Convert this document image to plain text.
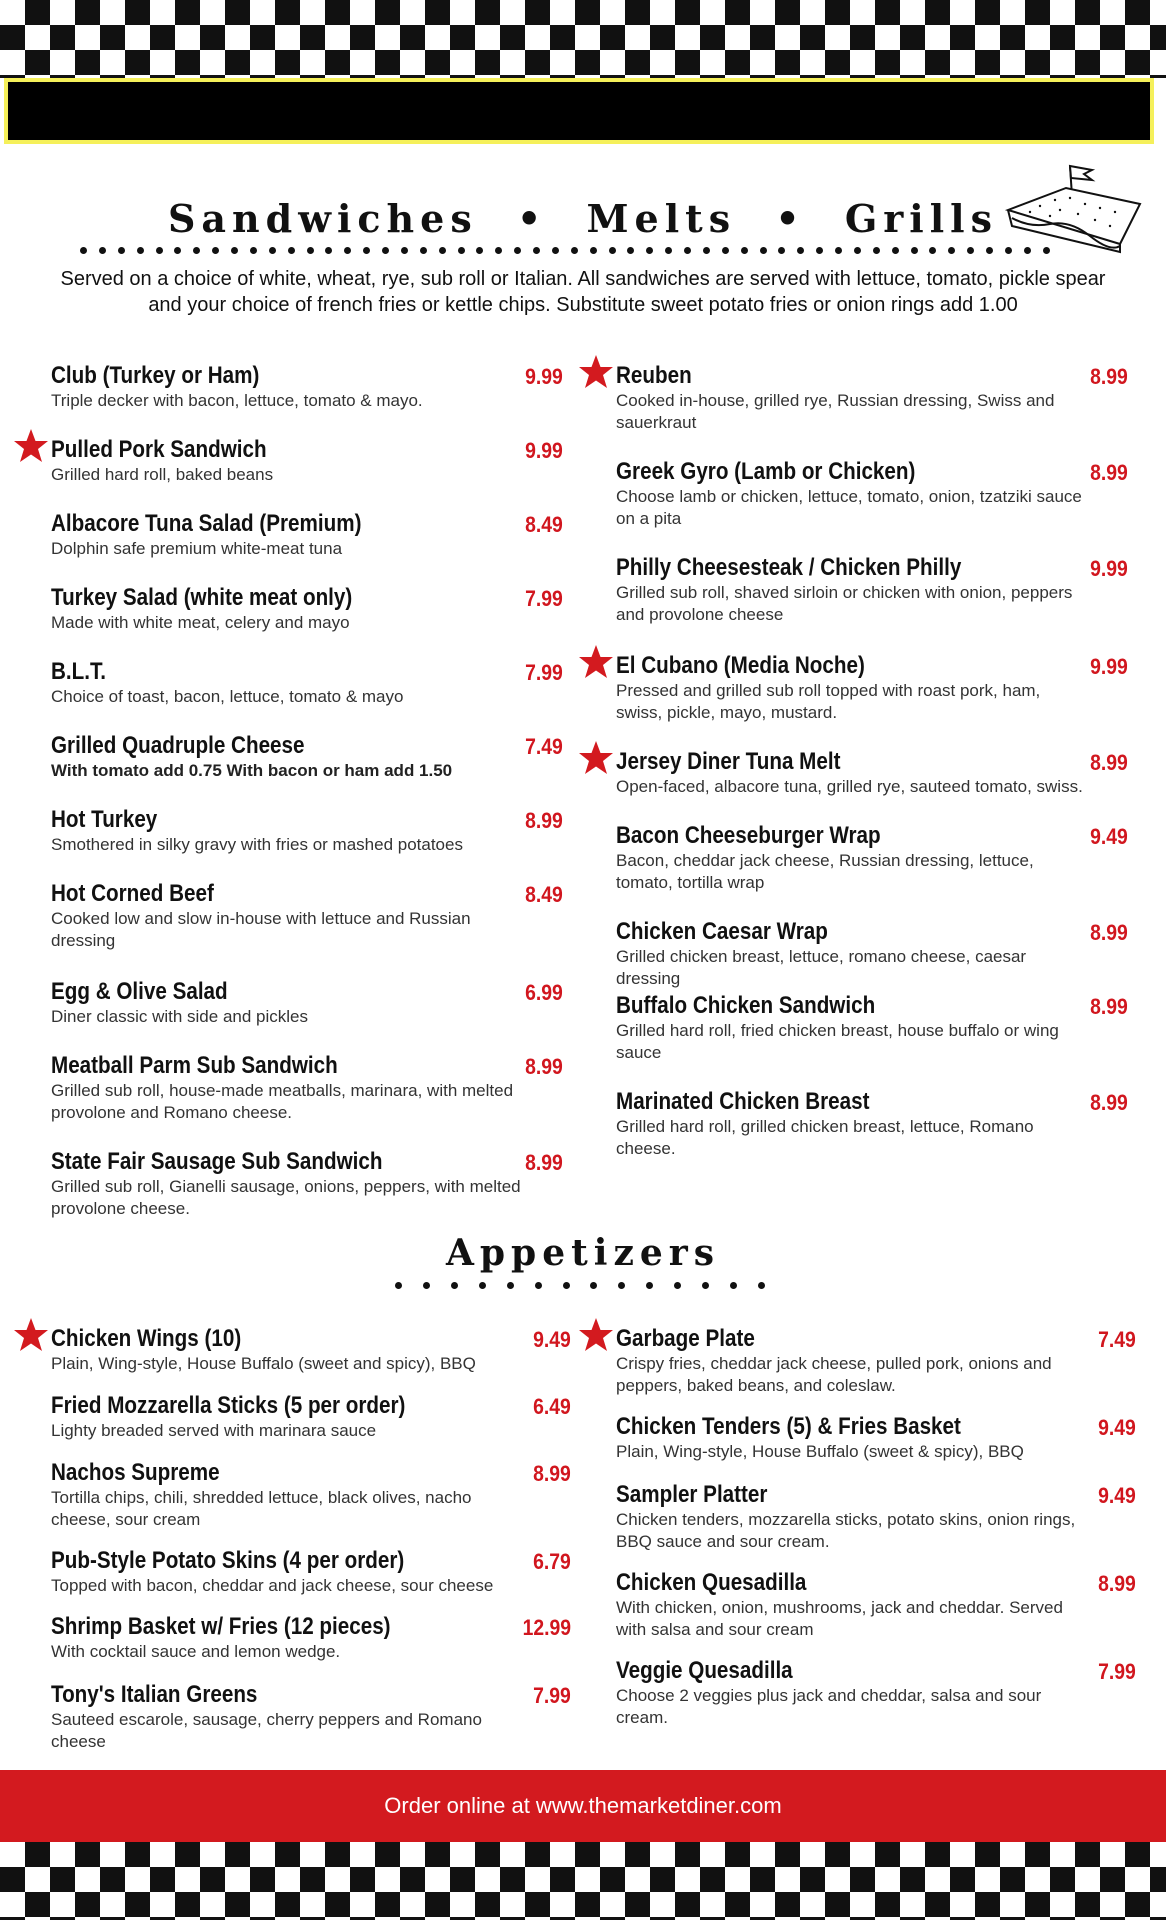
Sandwiches • Melts • Grills
Served on a choice of white, wheat, rye, sub roll or Italian. All sandwiches are served with lettuce, tomato, pickle spear and your choice of french fries or kettle chips. Substitute sweet potato fries or onion rings add 1.00
Club (Turkey or Ham)	9.99
Triple decker with bacon, lettuce, tomato & mayo.
Pulled Pork Sandwich	9.99
Grilled hard roll, baked beans
Albacore Tuna Salad (Premium)	8.49
Dolphin safe premium white-meat tuna
Turkey Salad (white meat only)	7.99
Made with white meat, celery and mayo
B.L.T.	7.99
Choice of toast, bacon, lettuce, tomato & mayo
Grilled Quadruple Cheese	7.49
With tomato add 0.75 With bacon or ham add 1.50
Hot Turkey	8.99
Smothered in silky gravy with fries or mashed potatoes
Hot Corned Beef	8.49
Cooked low and slow in-house with lettuce and Russian dressing
Egg & Olive Salad	6.99
Diner classic with side and pickles
Meatball Parm Sub Sandwich	8.99
Grilled sub roll, house-made meatballs, marinara, with melted provolone and Romano cheese.
State Fair Sausage Sub Sandwich	8.99
Grilled sub roll, Gianelli sausage, onions, peppers, with melted provolone cheese.
Reuben	8.99
Cooked in-house, grilled rye, Russian dressing, Swiss and sauerkraut
Greek Gyro (Lamb or Chicken)	8.99
Choose lamb or chicken, lettuce, tomato, onion, tzatziki sauce on a pita
Philly Cheesesteak / Chicken Philly	9.99
Grilled sub roll, shaved sirloin or chicken with onion, peppers and provolone cheese
El Cubano (Media Noche)	9.99
Pressed and grilled sub roll topped with roast pork, ham, swiss, pickle, mayo, mustard.
Jersey Diner Tuna Melt	8.99
Open-faced, albacore tuna, grilled rye, sauteed tomato, swiss.
Bacon Cheeseburger Wrap	9.49
Bacon, cheddar jack cheese, Russian dressing, lettuce, tomato, tortilla wrap
Chicken Caesar Wrap	8.99
Grilled chicken breast, lettuce, romano cheese, caesar dressing
Buffalo Chicken Sandwich	8.99
Grilled hard roll, fried chicken breast, house buffalo or wing sauce
Marinated Chicken Breast	8.99
Grilled hard roll, grilled chicken breast, lettuce, Romano cheese.
Appetizers
Chicken Wings (10)	9.49
Plain, Wing-style, House Buffalo (sweet and spicy), BBQ
Fried Mozzarella Sticks (5 per order)	6.49
Lighty breaded served with marinara sauce
Nachos Supreme	8.99
Tortilla chips, chili, shredded lettuce, black olives, nacho cheese, sour cream
Pub-Style Potato Skins (4 per order)	6.79
Topped with bacon, cheddar and jack cheese, sour cheese
Shrimp Basket w/ Fries (12 pieces)	12.99
With cocktail sauce and lemon wedge.
Tony's Italian Greens	7.99
Sauteed escarole, sausage, cherry peppers and Romano cheese
Garbage Plate	7.49
Crispy fries, cheddar jack cheese, pulled pork, onions and peppers, baked beans, and coleslaw.
Chicken Tenders (5) & Fries Basket	9.49
Plain, Wing-style, House Buffalo (sweet & spicy), BBQ
Sampler Platter	9.49
Chicken tenders, mozzarella sticks, potato skins, onion rings, BBQ sauce and sour cream.
Chicken Quesadilla	8.99
With chicken, onion, mushrooms, jack and cheddar. Served with salsa and sour cream
Veggie Quesadilla	7.99
Choose 2 veggies plus jack and cheddar, salsa and sour cream.
Order online at www.themarketdiner.com
